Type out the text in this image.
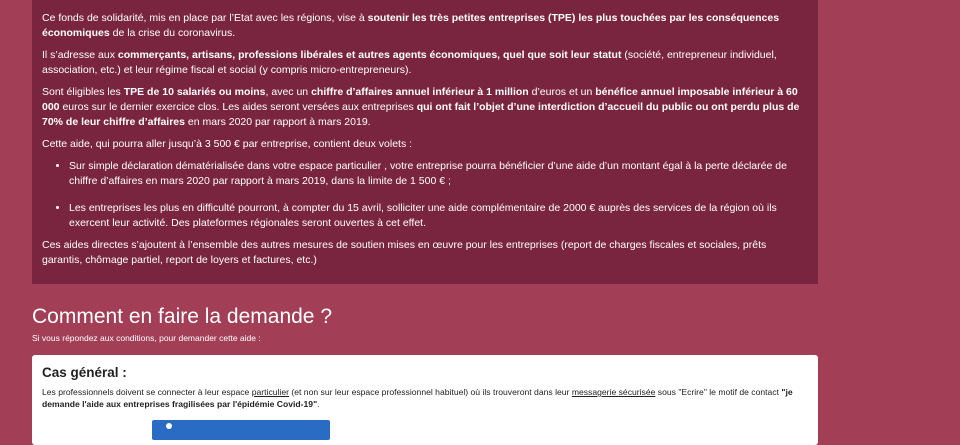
Ce fonds de solidarité, mis en place par l’Etat avec les régions, vise à soutenir les très petites entreprises (TPE) les plus touchées par les conséquences économiques de la crise du coronavirus.

Il s’adresse aux commerçants, artisans, professions libérales et autres agents économiques, quel que soit leur statut (société, entrepreneur individuel, association, etc.) et leur régime fiscal et social (y compris micro-entrepreneurs).

Sont éligibles les TPE de 10 salariés ou moins, avec un chiffre d’affaires annuel inférieur à 1 million d’euros et un bénéfice annuel imposable inférieur à 60 000 euros sur le dernier exercice clos. Les aides seront versées aux entreprises qui ont fait l’objet d’une interdiction d’accueil du public ou ont perdu plus de 70% de leur chiffre d’affaires en mars 2020 par rapport à mars 2019.

Cette aide, qui pourra aller jusqu’à 3 500 € par entreprise, contient deux volets :

• Sur simple déclaration dématérialisée dans votre espace particulier , votre entreprise pourra bénéficier d’une aide d’un montant égal à la perte déclarée de chiffre d’affaires en mars 2020 par rapport à mars 2019, dans la limite de 1 500 € ;
• Les entreprises les plus en difficulté pourront, à compter du 15 avril, solliciter une aide complémentaire de 2000 € auprès des services de la région où ils exercent leur activité. Des plateformes régionales seront ouvertes à cet effet.

Ces aides directes s’ajoutent à l’ensemble des autres mesures de soutien mises en œuvre pour les entreprises (report de charges fiscales et sociales, prêts garantis, chômage partiel, report de loyers et factures, etc.)

Comment en faire la demande ?
Si vous répondez aux conditions, pour demander cette aide :
Cas général :

Les professionnels doivent se connecter à leur espace particulier (et non sur leur espace professionnel habituel) où ils trouveront dans leur messagerie sécurisée sous "Ecrire" le motif de contact "je demande l'aide aux entreprises fragilisées par l'épidémie Covid-19".
